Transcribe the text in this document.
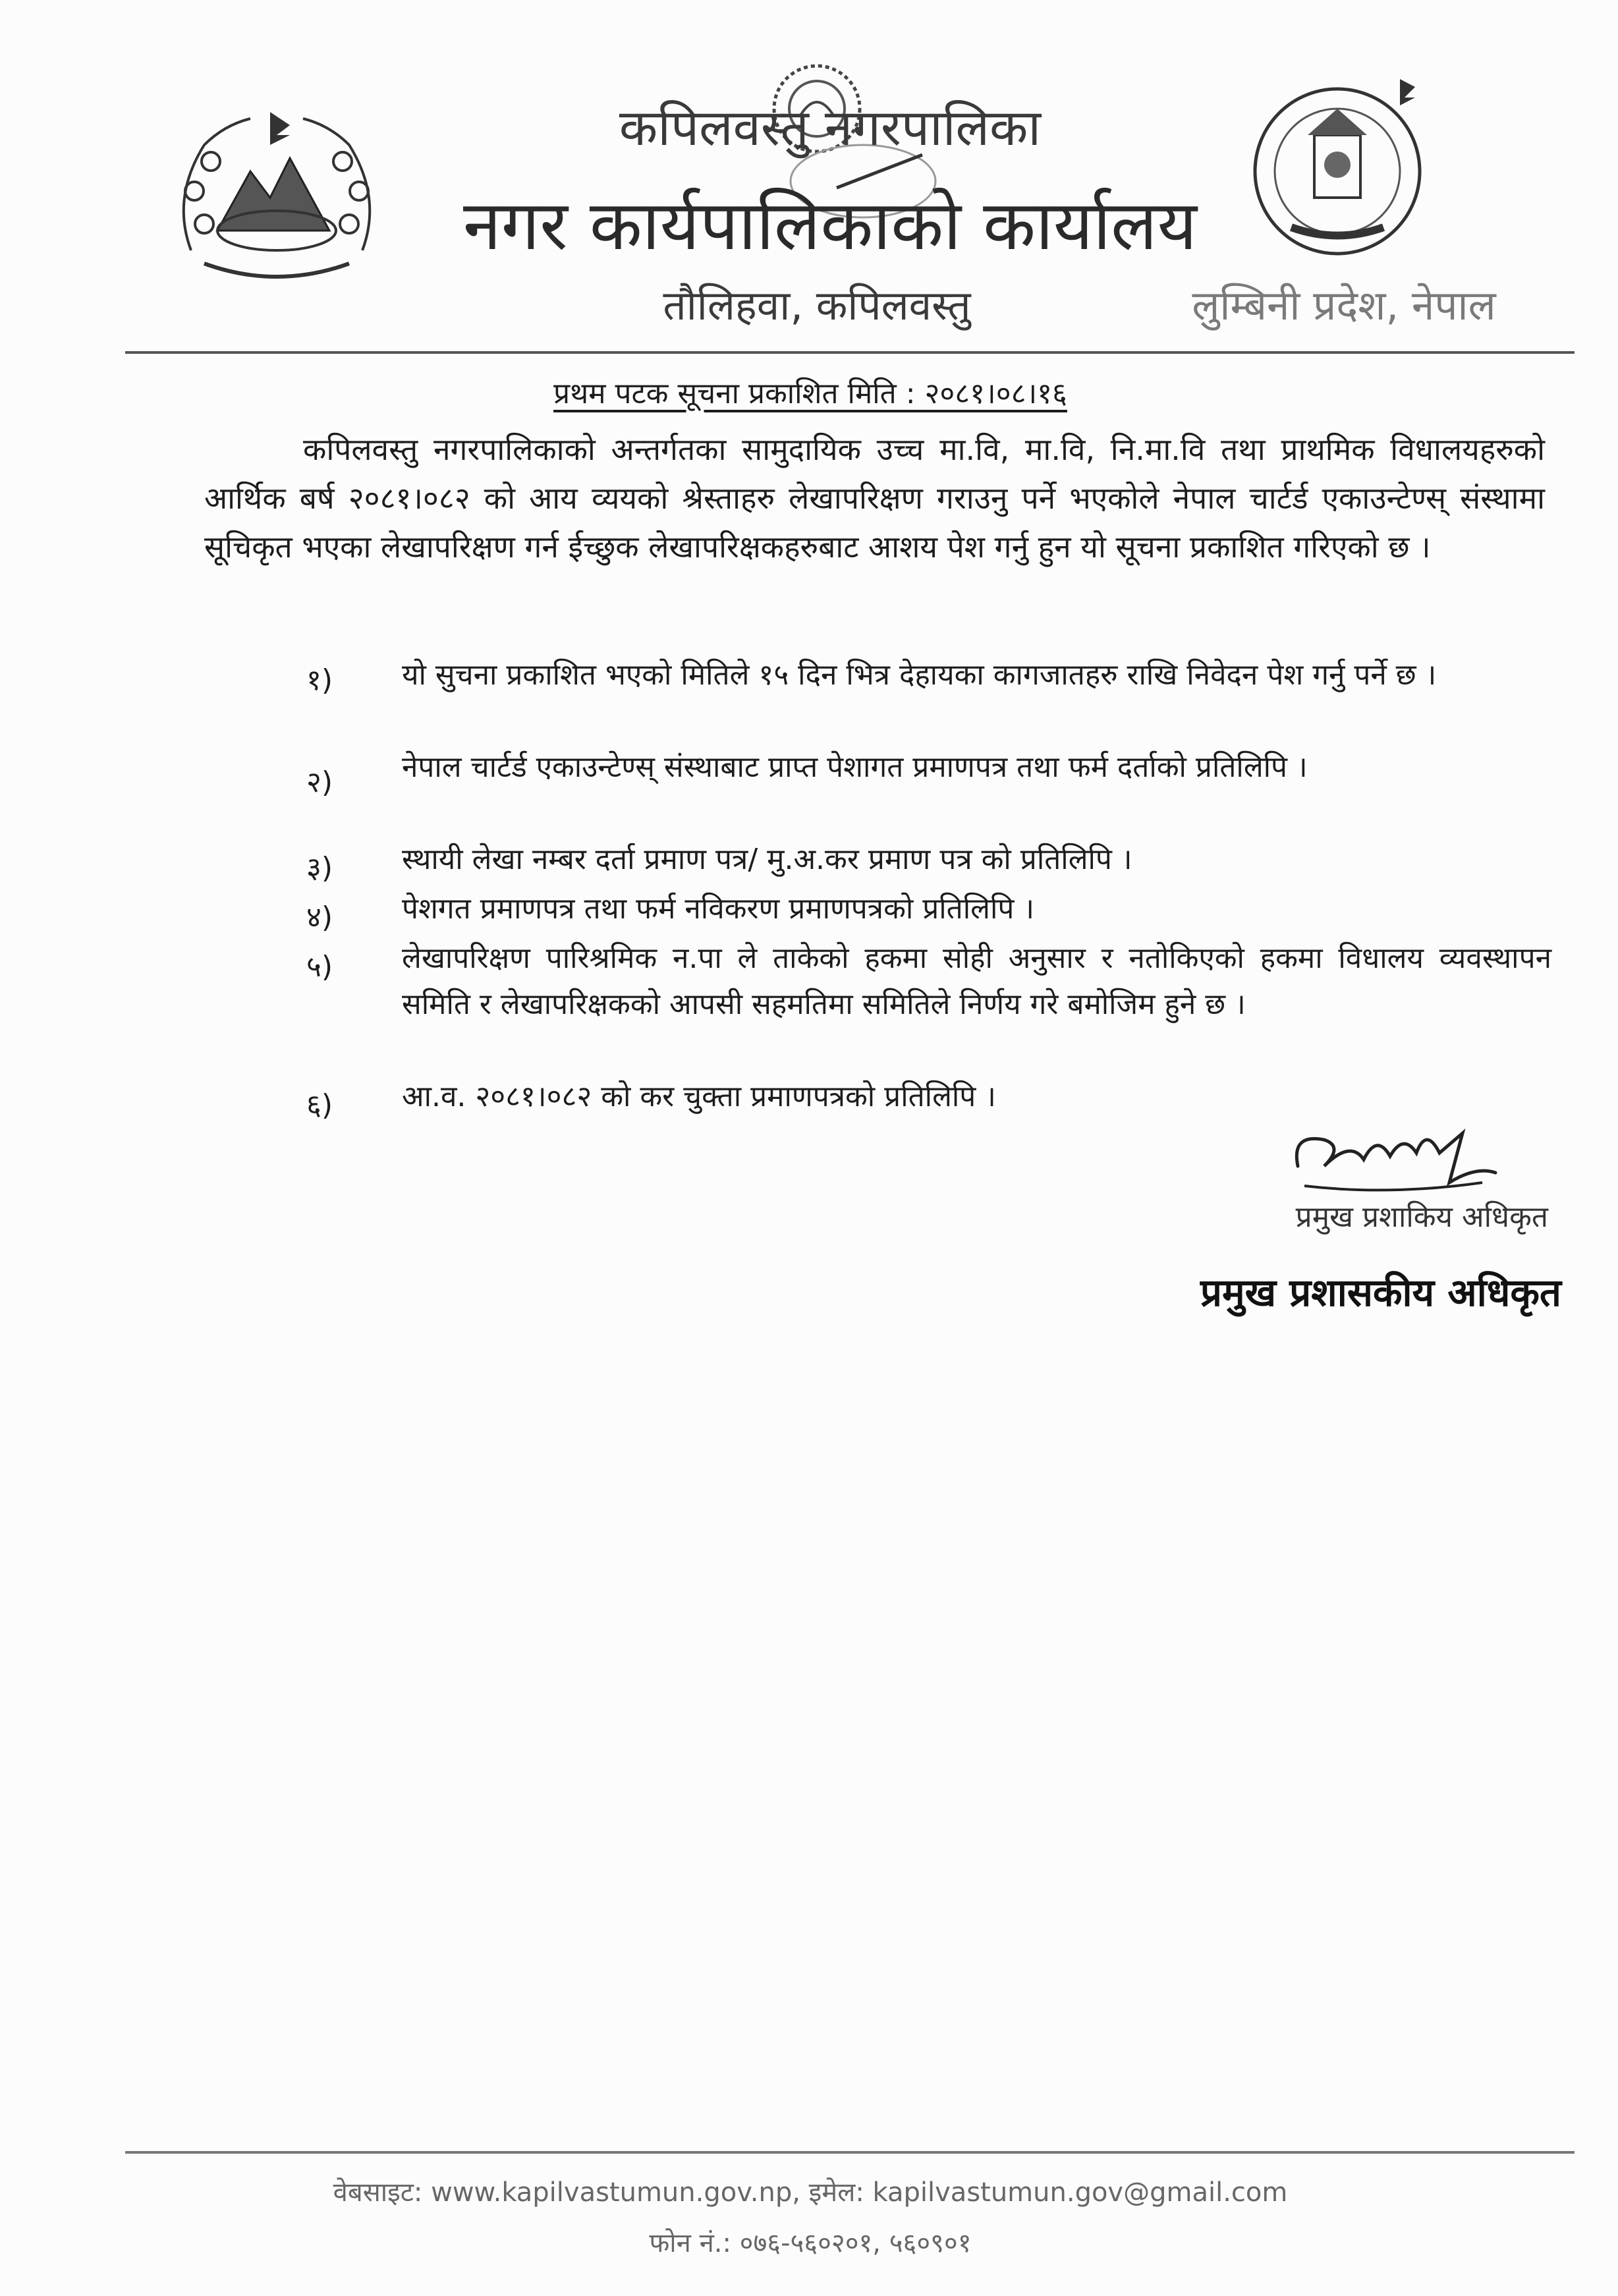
कपिलवस्तु नगरपालिका
नगर कार्यपालिकाको कार्यालय
तौलिहवा, कपिलवस्तु	लुम्बिनी प्रदेश, नेपाल
प्रथम पटक सूचना प्रकाशित मिति : २०८१।०८।१६
कपिलवस्तु नगरपालिकाको अन्तर्गतका सामुदायिक उच्च मा.वि, मा.वि, नि.मा.वि तथा प्राथमिक विधालयहरुको आर्थिक बर्ष २०८१।०८२ को आय व्ययको श्रेस्ताहरु लेखापरिक्षण गराउनु पर्ने भएकोले नेपाल चार्टर्ड एकाउन्टेण्स् संस्थामा सूचिकृत भएका लेखापरिक्षण गर्न ईच्छुक लेखापरिक्षकहरुबाट आशय पेश गर्नु हुन यो सूचना प्रकाशित गरिएको छ ।
१)	यो सुचना प्रकाशित भएको मितिले १५ दिन भित्र देहायका कागजातहरु राखि निवेदन पेश गर्नु पर्ने छ ।
२)	नेपाल चार्टर्ड एकाउन्टेण्स् संस्थाबाट प्राप्त पेशागत प्रमाणपत्र तथा फर्म दर्ताको प्रतिलिपि ।
३)	स्थायी लेखा नम्बर दर्ता प्रमाण पत्र/ मु.अ.कर प्रमाण पत्र को प्रतिलिपि ।
४)	पेशगत प्रमाणपत्र तथा फर्म नविकरण प्रमाणपत्रको प्रतिलिपि ।
५)	लेखापरिक्षण पारिश्रमिक न.पा ले ताकेको हकमा सोही अनुसार र नतोकिएको हकमा विधालय व्यवस्थापन समिति र लेखापरिक्षकको आपसी सहमतिमा समितिले निर्णय गरे बमोजिम हुने छ ।
६)	आ.व. २०८१।०८२ को कर चुक्ता प्रमाणपत्रको प्रतिलिपि ।
प्रमुख प्रशाकिय अधिकृत
प्रमुख प्रशासकीय अधिकृत
वेबसाइट: www.kapilvastumun.gov.np, इमेल: kapilvastumun.gov@gmail.com
फोन नं.: ०७६-५६०२०१, ५६०९०१
